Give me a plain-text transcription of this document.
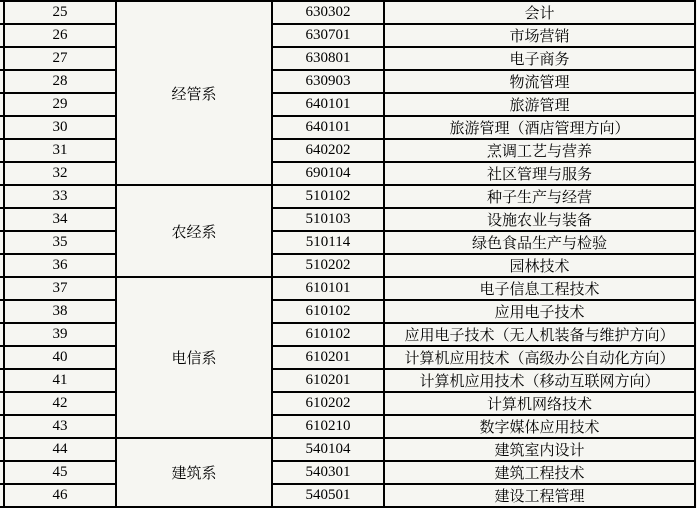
	25	经管系	630302	会计
	26		630701	市场营销
	27		630801	电子商务
	28		630903	物流管理
	29		640101	旅游管理
	30		640101	旅游管理（酒店管理方向）
	31		640202	烹调工艺与营养
	32		690104	社区管理与服务
	33	农经系	510102	种子生产与经营
	34		510103	设施农业与装备
	35		510114	绿色食品生产与检验
	36		510202	园林技术
	37	电信系	610101	电子信息工程技术
	38		610102	应用电子技术
	39		610102	应用电子技术（无人机装备与维护方向）
	40		610201	计算机应用技术（高级办公自动化方向）
	41		610201	计算机应用技术（移动互联网方向）
	42		610202	计算机网络技术
	43		610210	数字媒体应用技术
	44	建筑系	540104	建筑室内设计
	45		540301	建筑工程技术
	46		540501	建设工程管理
